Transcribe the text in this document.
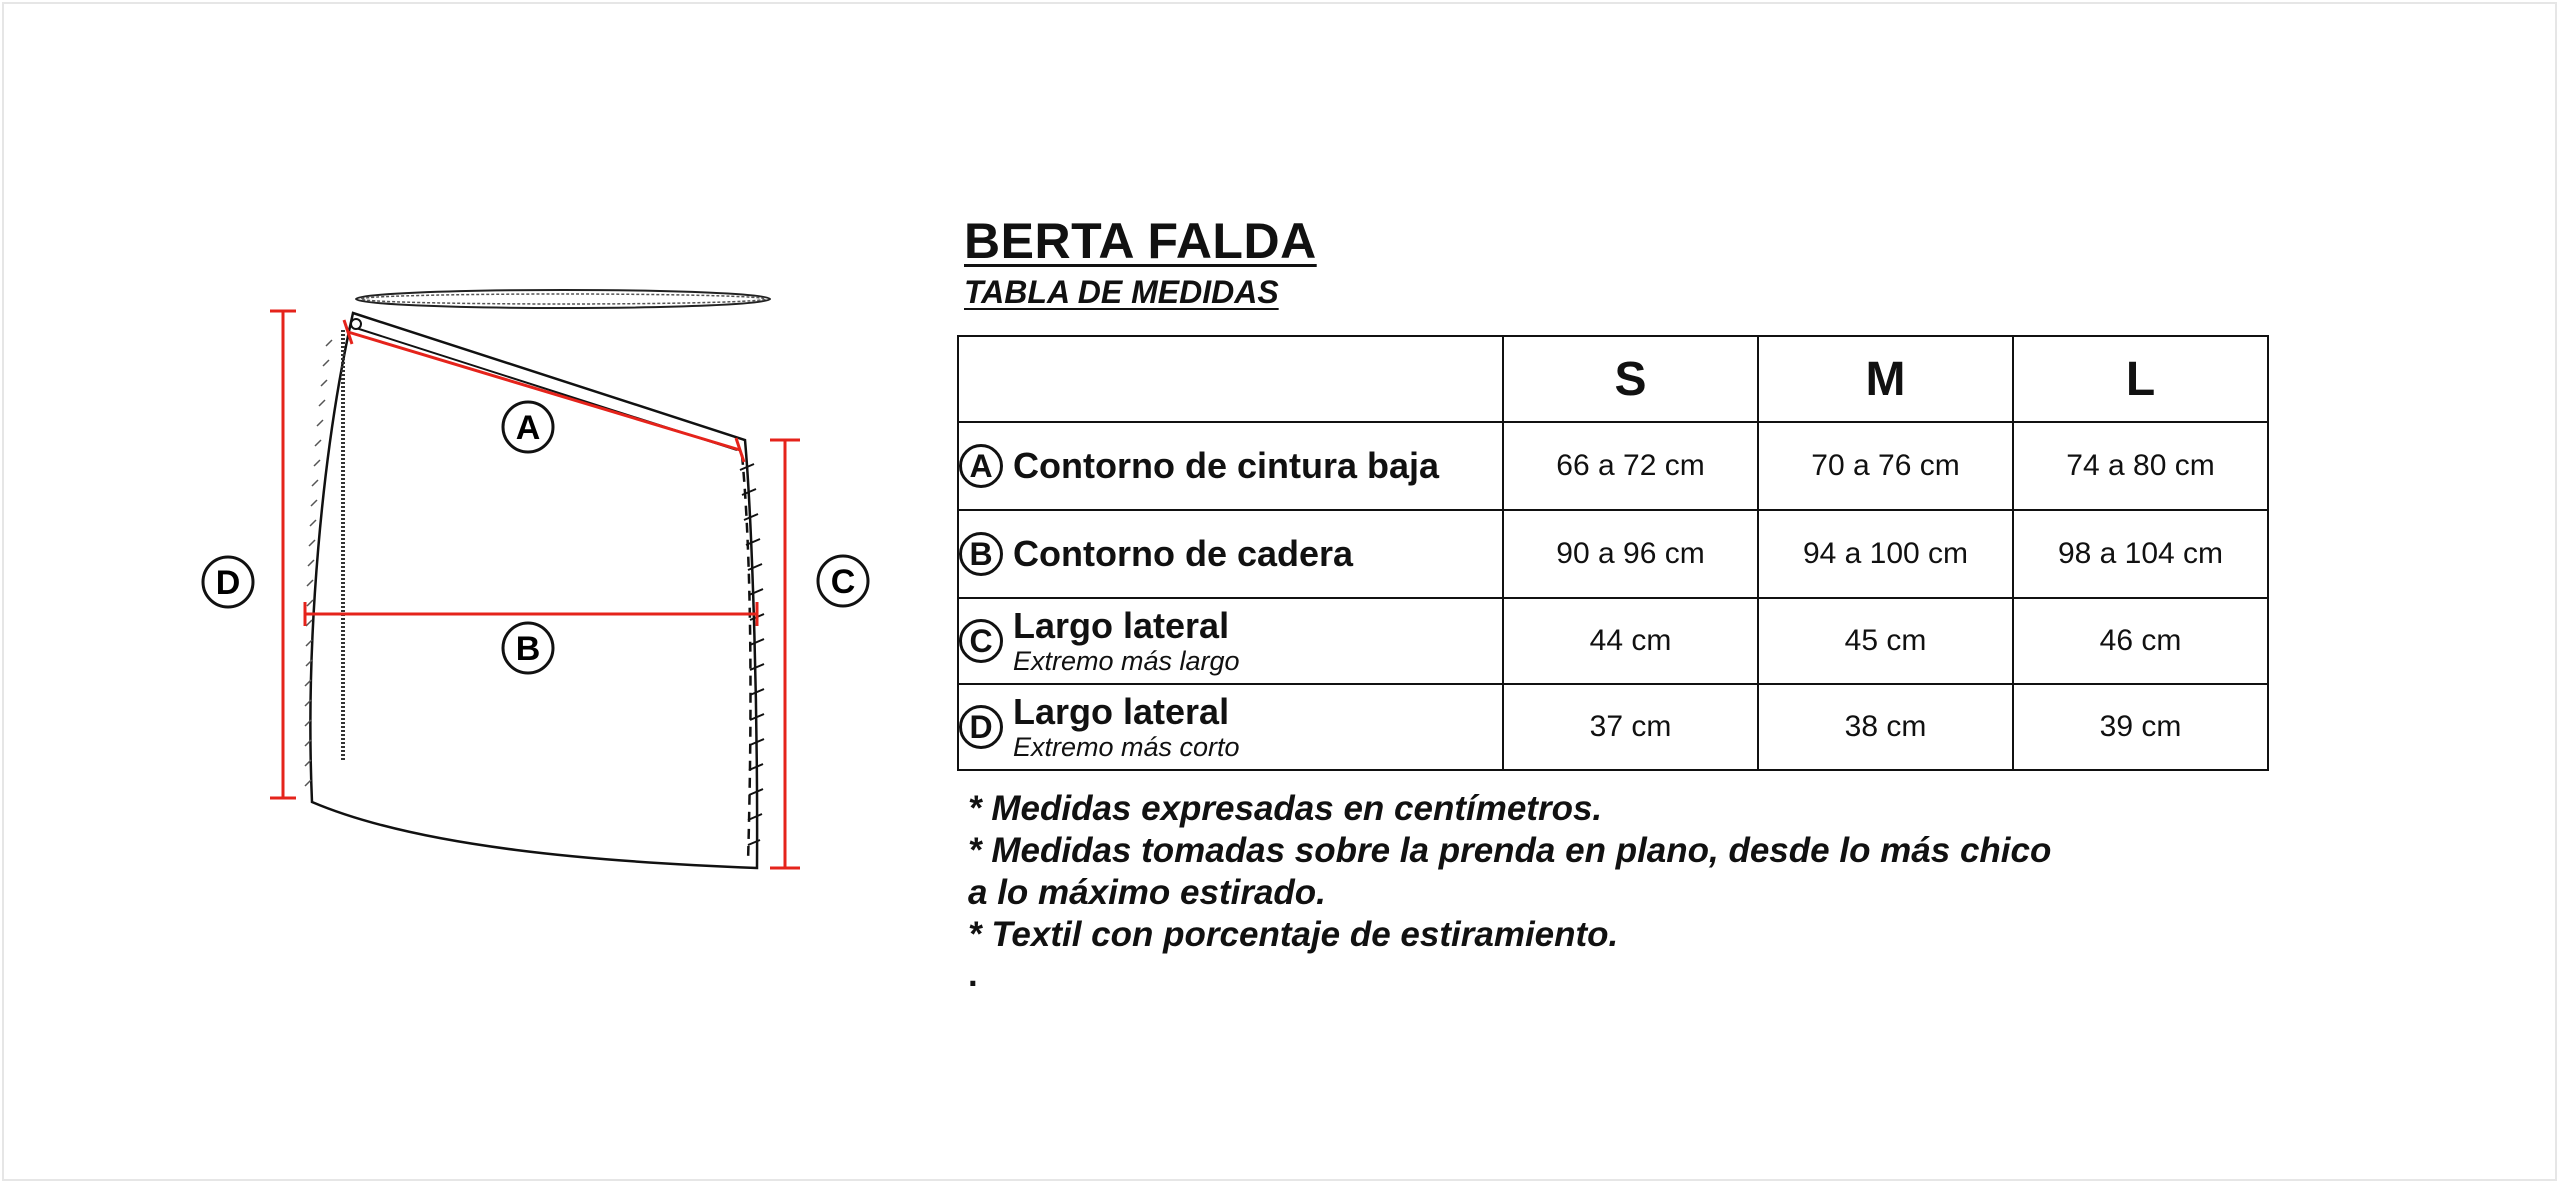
A
B
C
D
BERTA FALDA
TABLA DE MEDIDAS
	S	M	L

A Contorno de cintura baja	66 a 72 cm	70 a 76 cm	74 a 80 cm

B Contorno de cadera	90 a 96 cm	94 a 100 cm	98 a 104 cm

C Largo lateral
Extremo más largo	44 cm	45 cm	46 cm

D Largo lateral
Extremo más corto	37 cm	38 cm	39 cm
* Medidas expresadas en centímetros.
* Medidas tomadas sobre la prenda en plano, desde lo más chico
a lo máximo estirado.
* Textil con porcentaje de estiramiento.
.
